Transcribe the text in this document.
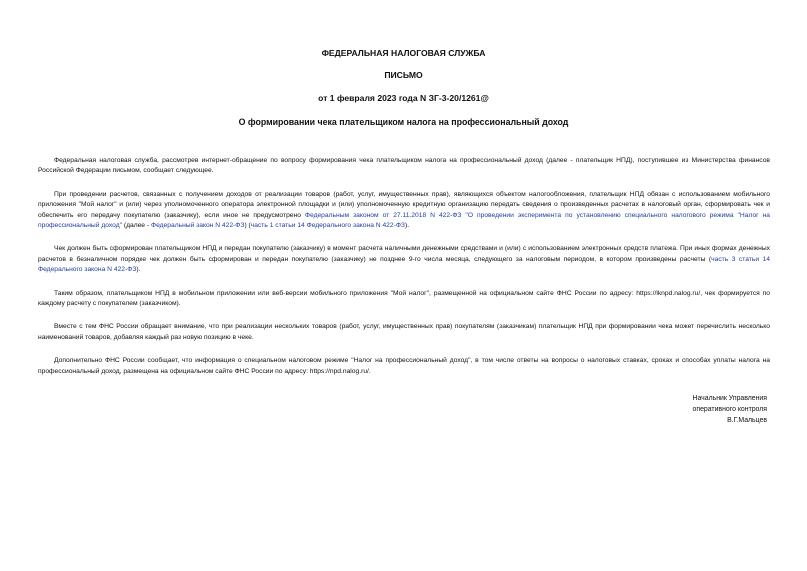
ФЕДЕРАЛЬНАЯ НАЛОГОВАЯ СЛУЖБА
ПИСЬМО
от 1 февраля 2023 года N ЗГ-3-20/1261@
О формировании чека плательщиком налога на профессиональный доход

Федеральная налоговая служба, рассмотрев интернет-обращение по вопросу формирования чека плательщиком налога на профессиональный доход (далее - плательщик НПД), поступившее из Министерства финансов Российской Федерации письмом, сообщает следующее.

При проведении расчетов, связанных с получением доходов от реализации товаров (работ, услуг, имущественных прав), являющихся объектом налогообложения, плательщик НПД обязан с использованием мобильного приложения "Мой налог" и (или) через уполномоченного оператора электронной площадки и (или) уполномоченную кредитную организацию передать сведения о произведенных расчетах в налоговый орган, сформировать чек и обеспечить его передачу покупателю (заказчику), если иное не предусмотрено Федеральным законом от 27.11.2018 N 422-ФЗ "О проведении эксперимента по установлению специального налогового режима "Налог на профессиональный доход" (далее - Федеральный закон N 422-ФЗ) (часть 1 статьи 14 Федерального закона N 422-ФЗ).

Чек должен быть сформирован плательщиком НПД и передан покупателю (заказчику) в момент расчета наличными денежными средствами и (или) с использованием электронных средств платежа. При иных формах денежных расчетов в безналичном порядке чек должен быть сформирован и передан покупателю (заказчику) не позднее 9-го числа месяца, следующего за налоговым периодом, в котором произведены расчеты (часть 3 статьи 14 Федерального закона N 422-ФЗ).

Таким образом, плательщиком НПД в мобильном приложении или веб-версии мобильного приложения "Мой налог", размещенной на официальном сайте ФНС России по адресу: https://lknpd.nalog.ru/, чек формируется по каждому расчету с покупателем (заказчиком).

Вместе с тем ФНС России обращает внимание, что при реализации нескольких товаров (работ, услуг, имущественных прав) покупателям (заказчикам) плательщик НПД при формировании чека может перечислить несколько наименований товаров, добавляя каждый раз новую позицию в чеке.

Дополнительно ФНС России сообщает, что информация о специальном налоговом режиме "Налог на профессиональный доход", в том числе ответы на вопросы о налоговых ставках, сроках и способах уплаты налога на профессиональный доход, размещена на официальном сайте ФНС России по адресу: https://npd.nalog.ru/.

Начальник Управления
оперативного контроля
В.Г.Мальцев
